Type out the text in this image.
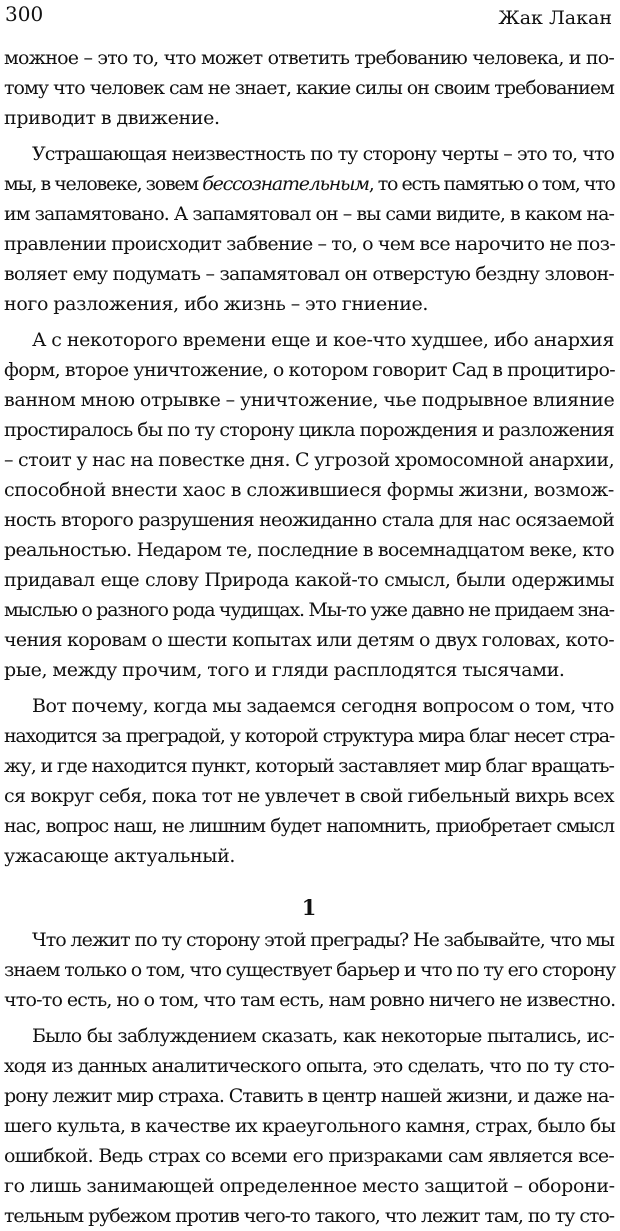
300	Жак Лакан
можное – это то, что может ответить требованию человека, и по-
тому что человек сам не знает, какие силы он своим требованием
приводит в движение.
Устрашающая неизвестность по ту сторону черты – это то, что
мы, в человеке, зовем бессознательным, то есть памятью о том, что
им запамятовано. А запамятовал он – вы сами видите, в каком на-
правлении происходит забвение – то, о чем все нарочито не поз-
воляет ему подумать – запамятовал он отверстую бездну зловон-
ного разложения, ибо жизнь – это гниение.
А с некоторого времени еще и кое-что худшее, ибо анархия
форм, второе уничтожение, о котором говорит Сад в процитиро-
ванном мною отрывке – уничтожение, чье подрывное влияние
простиралось бы по ту сторону цикла порождения и разложения
– стоит у нас на повестке дня. С угрозой хромосомной анархии,
способной внести хаос в сложившиеся формы жизни, возмож-
ность второго разрушения неожиданно стала для нас осязаемой
реальностью. Недаром те, последние в восемнадцатом веке, кто
придавал еще слову Природа какой-то смысл, были одержимы
мыслью о разного рода чудищах. Мы-то уже давно не придаем зна-
чения коровам о шести копытах или детям о двух головах, кото-
рые, между прочим, того и гляди расплодятся тысячами.
Вот почему, когда мы задаемся сегодня вопросом о том, что
находится за преградой, у которой структура мира благ несет стра-
жу, и где находится пункт, который заставляет мир благ вращать-
ся вокруг себя, пока тот не увлечет в свой гибельный вихрь всех
нас, вопрос наш, не лишним будет напомнить, приобретает смысл
ужасающе актуальный.
1
Что лежит по ту сторону этой преграды? Не забывайте, что мы
знаем только о том, что существует барьер и что по ту его сторону
что-то есть, но о том, что там есть, нам ровно ничего не известно.
Было бы заблуждением сказать, как некоторые пытались, ис-
ходя из данных аналитического опыта, это сделать, что по ту сто-
рону лежит мир страха. Ставить в центр нашей жизни, и даже на-
шего культа, в качестве их краеугольного камня, страх, было бы
ошибкой. Ведь страх со всеми его призраками сам является все-
го лишь занимающей определенное место защитой – оборони-
тельным рубежом против чего-то такого, что лежит там, по ту сто-
